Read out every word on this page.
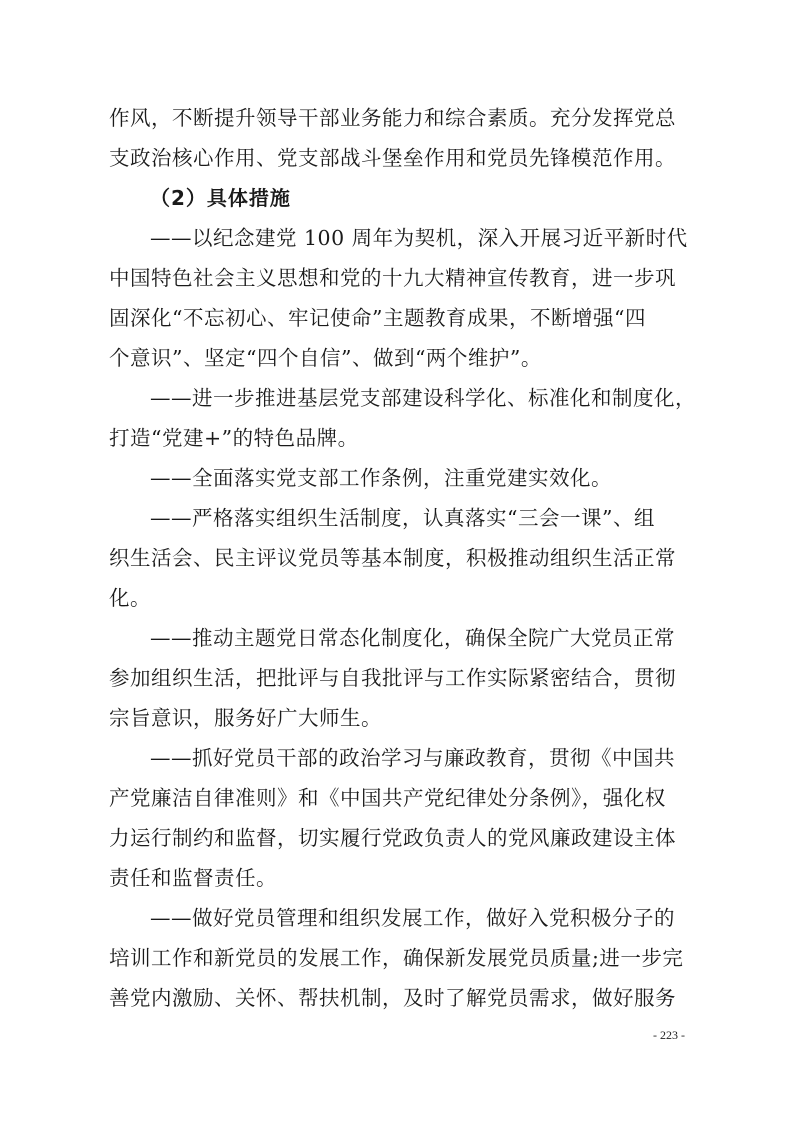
作风，不断提升领导干部业务能力和综合素质。充分发挥党总
支政治核心作用、党支部战斗堡垒作用和党员先锋模范作用。
（2）具体措施
——以纪念建党 100 周年为契机，深入开展习近平新时代
中国特色社会主义思想和党的十九大精神宣传教育，进一步巩
固深化“不忘初心、牢记使命”主题教育成果，不断增强“四
个意识”、坚定“四个自信”、做到“两个维护”。
——进一步推进基层党支部建设科学化、标准化和制度化，
打造“党建+”的特色品牌。
——全面落实党支部工作条例，注重党建实效化。
——严格落实组织生活制度，认真落实“三会一课”、组
织生活会、民主评议党员等基本制度，积极推动组织生活正常
化。
——推动主题党日常态化制度化，确保全院广大党员正常
参加组织生活，把批评与自我批评与工作实际紧密结合，贯彻
宗旨意识，服务好广大师生。
——抓好党员干部的政治学习与廉政教育，贯彻《中国共
产党廉洁自律准则》和《中国共产党纪律处分条例》，强化权
力运行制约和监督，切实履行党政负责人的党风廉政建设主体
责任和监督责任。
——做好党员管理和组织发展工作，做好入党积极分子的
培训工作和新党员的发展工作，确保新发展党员质量;进一步完
善党内激励、关怀、帮扶机制，及时了解党员需求，做好服务
- 223 -
